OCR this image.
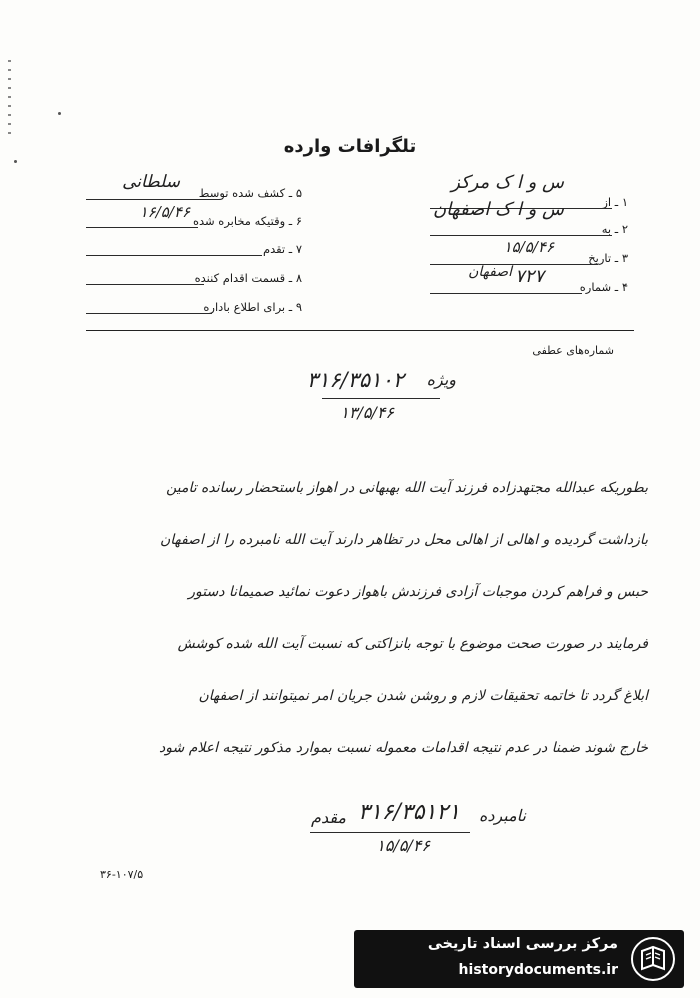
تلگرافات وارده
۱ ـ از
س و ا ک مرکز
۲ ـ به
س و ا ک اصفهان
۳ ـ تاریخ
۱۵/۵/۴۶
۴ ـ شماره
۷۲۷
اصفهان
۵ ـ کشف شده توسط
سلطانی
۶ ـ وقتیکه مخابره شده
۱۶/۵/۴۶
۷ ـ تقدم
۸ ـ قسمت اقدام کننده
۹ ـ برای اطلاع باداره
شماره‌های عطفی
ویژه
۳۱۶/۳۵۱۰۲
۱۳/۵/۴۶
بطوریکه عبدالله مجتهدزاده فرزند آیت الله بهبهانی در اهواز باستحضار رسانده تامین
بازداشت گردیده و اهالی از اهالی محل در تظاهر دارند آیت الله نامبرده را از اصفهان
حبس و فراهم کردن موجبات آزادی فرزندش باهواز دعوت نمائید صمیمانا دستور
فرمایند در صورت صحت موضوع با توجه بانزاکتی که نسبت آیت الله شده کوشش
ابلاغ گردد تا خاتمه تحقیقات لازم و روشن شدن جریان امر نمیتوانند از اصفهان
خارج شوند ضمنا در عدم نتیجه اقدامات معموله نسبت بموارد مذکور نتیجه اعلام شود
نامبرده
۳۱۶/۳۵۱۲۱
مقدم
۱۵/۵/۴۶
۳۶-۱۰۷/۵
مرکز بررسی اسناد تاریخی
historydocuments.ir
